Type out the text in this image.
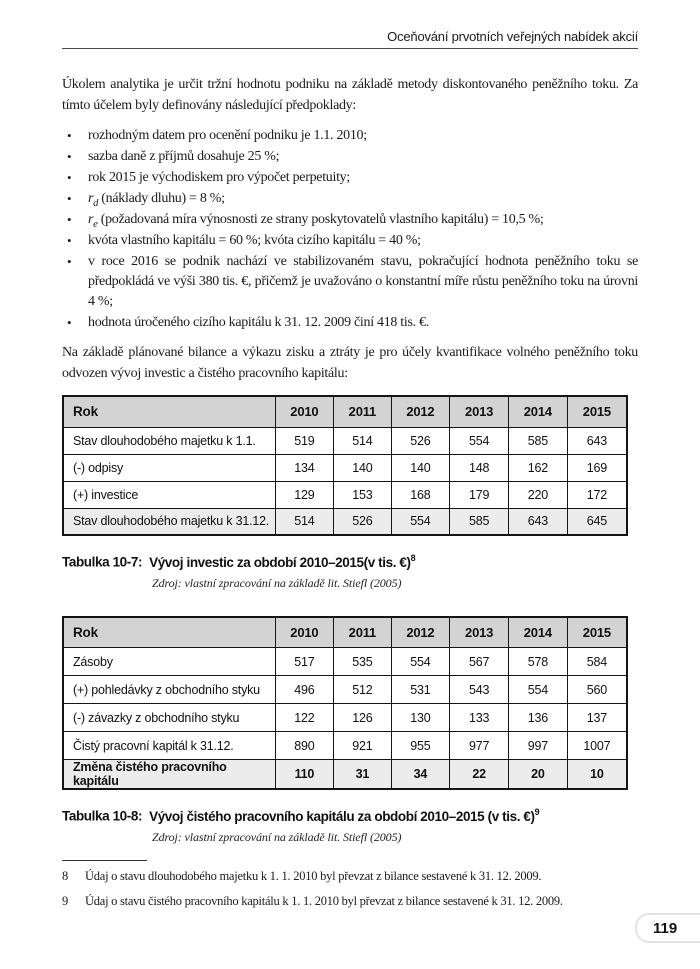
Oceňování prvotních veřejných nabídek akcií

Úkolem analytika je určit tržní hodnotu podniku na základě metody diskontovaného peněžního toku. Za tímto účelem byly definovány následující předpoklady:

•	rozhodným datem pro ocenění podniku je 1.1. 2010;
•	sazba daně z příjmů dosahuje 25 %;
•	rok 2015 je východiskem pro výpočet perpetuity;
•	$r_d$ (náklady dluhu) = 8 %;
•	$r_e$ (požadovaná míra výnosnosti ze strany poskytovatelů vlastního kapitálu) = 10,5 %;
•	kvóta vlastního kapitálu = 60 %; kvóta cizího kapitálu = 40 %;
•	v roce 2016 se podnik nachází ve stabilizovaném stavu, pokračující hodnota peněžního toku se předpokládá ve výši 380 tis. €, přičemž je uvažováno o konstantní míře růstu peněžního toku na úrovni 4 %;
•	hodnota úročeného cizího kapitálu k 31. 12. 2009 činí 418 tis. €.

Na základě plánované bilance a výkazu zisku a ztráty je pro účely kvantifikace volného peněžního toku odvozen vývoj investic a čistého pracovního kapitálu:

Rok	2010	2011	2012	2013	2014	2015
Stav dlouhodobého majetku k 1.1.	519	514	526	554	585	643
(-) odpisy	134	140	140	148	162	169
(+) investice	129	153	168	179	220	172
Stav dlouhodobého majetku k 31.12.	514	526	554	585	643	645
Tabulka 10-7: Vývoj investic za období 2010–2015(v tis. €)$^8$
Zdroj: vlastní zpracování na základě lit. Stiefl (2005)
Rok	2010	2011	2012	2013	2014	2015
Zásoby	517	535	554	567	578	584
(+) pohledávky z obchodního styku	496	512	531	543	554	560
(-) závazky z obchodního styku	122	126	130	133	136	137
Čistý pracovní kapitál k 31.12.	890	921	955	977	997	1007
Změna čistého pracovního kapitálu	110	31	34	22	20	10
Tabulka 10-8: Vývoj čistého pracovního kapitálu za období 2010–2015 (v tis. €)$^9$
Zdroj: vlastní zpracování na základě lit. Stiefl (2005)
8	Údaj o stavu dlouhodobého majetku k 1. 1. 2010 byl převzat z bilance sestavené k 31. 12. 2009.
9	Údaj o stavu čistého pracovního kapitálu k 1. 1. 2010 byl převzat z bilance sestavené k 31. 12. 2009.
119
